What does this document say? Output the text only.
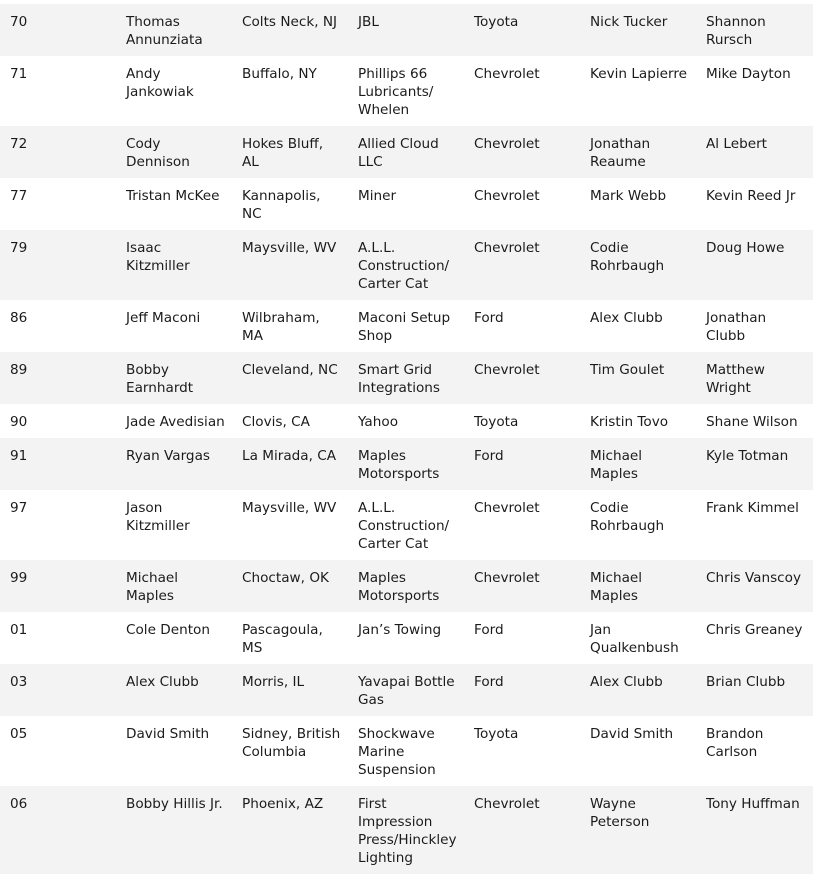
70	Thomas Annunziata	Colts Neck, NJ	JBL	Toyota	Nick Tucker	Shannon Rursch
71	Andy Jankowiak	Buffalo, NY	Phillips 66 Lubricants/ Whelen	Chevrolet	Kevin Lapierre	Mike Dayton
72	Cody Dennison	Hokes Bluff, AL	Allied Cloud LLC	Chevrolet	Jonathan Reaume	Al Lebert
77	Tristan McKee	Kannapolis, NC	Miner	Chevrolet	Mark Webb	Kevin Reed Jr
79	Isaac Kitzmiller	Maysville, WV	A.L.L. Construction/ Carter Cat	Chevrolet	Codie Rohrbaugh	Doug Howe
86	Jeff Maconi	Wilbraham, MA	Maconi Setup Shop	Ford	Alex Clubb	Jonathan Clubb
89	Bobby Earnhardt	Cleveland, NC	Smart Grid Integrations	Chevrolet	Tim Goulet	Matthew Wright
90	Jade Avedisian	Clovis, CA	Yahoo	Toyota	Kristin Tovo	Shane Wilson
91	Ryan Vargas	La Mirada, CA	Maples Motorsports	Ford	Michael Maples	Kyle Totman
97	Jason Kitzmiller	Maysville, WV	A.L.L. Construction/ Carter Cat	Chevrolet	Codie Rohrbaugh	Frank Kimmel
99	Michael Maples	Choctaw, OK	Maples Motorsports	Chevrolet	Michael Maples	Chris Vanscoy
01	Cole Denton	Pascagoula, MS	Jan’s Towing	Ford	Jan Qualkenbush	Chris Greaney
03	Alex Clubb	Morris, IL	Yavapai Bottle Gas	Ford	Alex Clubb	Brian Clubb
05	David Smith	Sidney, British Columbia	Shockwave Marine Suspension	Toyota	David Smith	Brandon Carlson
06	Bobby Hillis Jr.	Phoenix, AZ	First Impression Press/Hinckley Lighting	Chevrolet	Wayne Peterson	Tony Huffman
